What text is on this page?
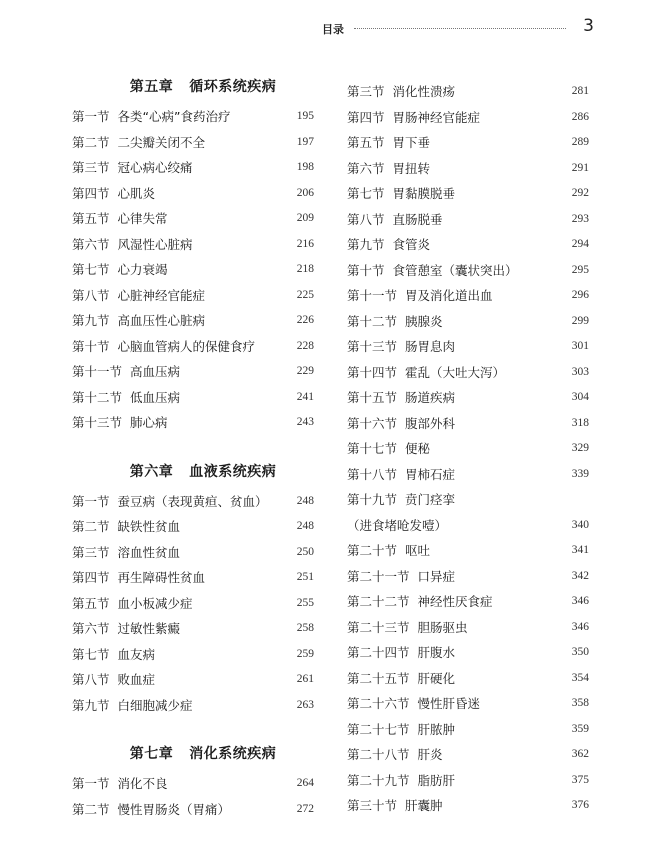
目录	3
第五章 循环系统疾病
第一节 各类“心病”食药治疗	195
第二节 二尖瓣关闭不全	197
第三节 冠心病心绞痛	198
第四节 心肌炎	206
第五节 心律失常	209
第六节 风湿性心脏病	216
第七节 心力衰竭	218
第八节 心脏神经官能症	225
第九节 高血压性心脏病	226
第十节 心脑血管病人的保健食疗	228
第十一节 高血压病	229
第十二节 低血压病	241
第十三节 肺心病	243
第六章 血液系统疾病
第一节 蚕豆病（表现黄疸、贫血）	248
第二节 缺铁性贫血	248
第三节 溶血性贫血	250
第四节 再生障碍性贫血	251
第五节 血小板减少症	255
第六节 过敏性紫癜	258
第七节 血友病	259
第八节 败血症	261
第九节 白细胞减少症	263
第七章 消化系统疾病
第一节 消化不良	264
第二节 慢性胃肠炎（胃痛）	272
第三节 消化性溃疡	281
第四节 胃肠神经官能症	286
第五节 胃下垂	289
第六节 胃扭转	291
第七节 胃黏膜脱垂	292
第八节 直肠脱垂	293
第九节 食管炎	294
第十节 食管憩室（囊状突出）	295
第十一节 胃及消化道出血	296
第十二节 胰腺炎	299
第十三节 肠胃息肉	301
第十四节 霍乱（大吐大泻）	303
第十五节 肠道疾病	304
第十六节 腹部外科	318
第十七节 便秘	329
第十八节 胃柿石症	339
第十九节 贲门痉挛
（进食堵呛发噎）	340
第二十节 呕吐	341
第二十一节 口异症	342
第二十二节 神经性厌食症	346
第二十三节 胆肠驱虫	346
第二十四节 肝腹水	350
第二十五节 肝硬化	354
第二十六节 慢性肝昏迷	358
第二十七节 肝脓肿	359
第二十八节 肝炎	362
第二十九节 脂肪肝	375
第三十节 肝囊肿	376
